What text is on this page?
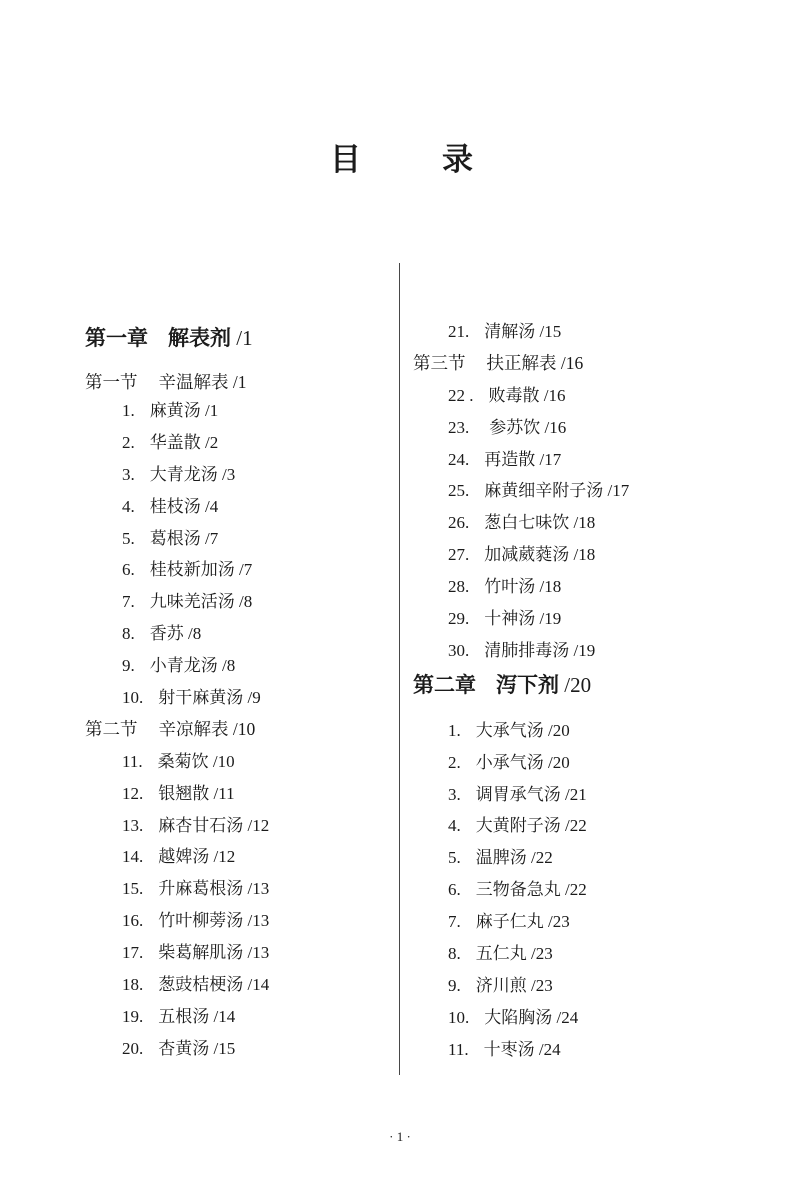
目	录
第一章 解表剂 /1
第一节 辛温解表 /1
1. 麻黄汤 /1
2. 华盖散 /2
3. 大青龙汤 /3
4. 桂枝汤 /4
5. 葛根汤 /7
6. 桂枝新加汤 /7
7. 九味羌活汤 /8
8. 香苏 /8
9. 小青龙汤 /8
10. 射干麻黄汤 /9
第二节 辛凉解表 /10
11. 桑菊饮 /10
12. 银翘散 /11
13. 麻杏甘石汤 /12
14. 越婢汤 /12
15. 升麻葛根汤 /13
16. 竹叶柳蒡汤 /13
17. 柴葛解肌汤 /13
18. 葱豉桔梗汤 /14
19. 五根汤 /14
20. 杏黄汤 /15
21. 清解汤 /15
第三节 扶正解表 /16
22 . 败毒散 /16
23. 参苏饮 /16
24. 再造散 /17
25. 麻黄细辛附子汤 /17
26. 葱白七味饮 /18
27. 加减葳蕤汤 /18
28. 竹叶汤 /18
29. 十神汤 /19
30. 清肺排毒汤 /19
第二章 泻下剂 /20
1. 大承气汤 /20
2. 小承气汤 /20
3. 调胃承气汤 /21
4. 大黄附子汤 /22
5. 温脾汤 /22
6. 三物备急丸 /22
7. 麻子仁丸 /23
8. 五仁丸 /23
9. 济川煎 /23
10. 大陷胸汤 /24
11. 十枣汤 /24
· 1 ·
